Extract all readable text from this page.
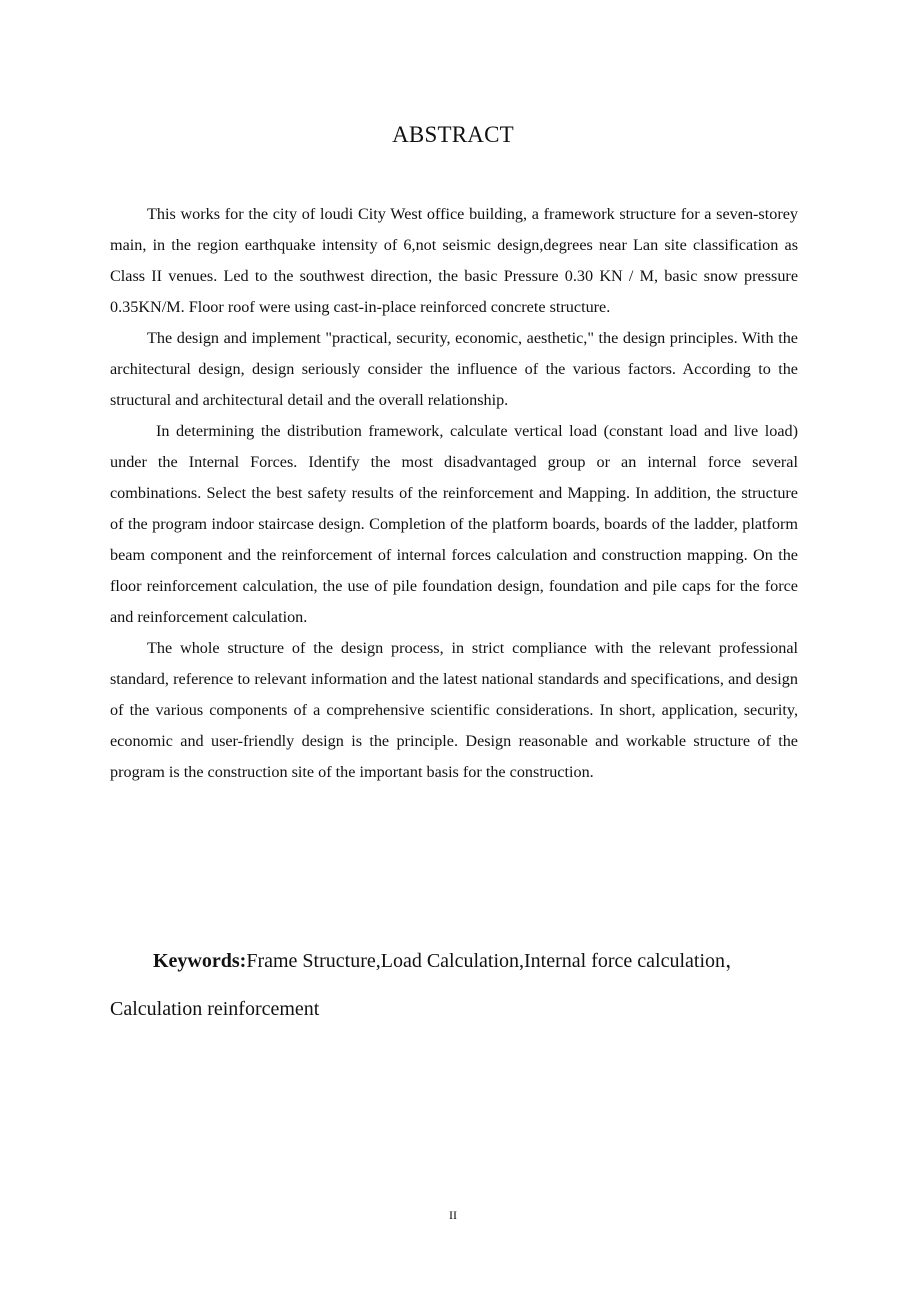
ABSTRACT

This works for the city of loudi City West office building, a framework structure for a seven-storey main, in the region earthquake intensity of 6,not seismic design,degrees near Lan site classification as Class II venues. Led to the southwest direction, the basic Pressure 0.30 KN / M, basic snow pressure 0.35KN/M. Floor roof were using cast-in-place reinforced concrete structure.

The design and implement "practical, security, economic, aesthetic," the design principles. With the architectural design, design seriously consider the influence of the various factors. According to the structural and architectural detail and the overall relationship.

In determining the distribution framework, calculate vertical load (constant load and live load) under the Internal Forces. Identify the most disadvantaged group or an internal force several combinations. Select the best safety results of the reinforcement and Mapping. In addition, the structure of the program indoor staircase design. Completion of the platform boards, boards of the ladder, platform beam component and the reinforcement of internal forces calculation and construction mapping. On the floor reinforcement calculation, the use of pile foundation design, foundation and pile caps for the force and reinforcement calculation.

The whole structure of the design process, in strict compliance with the relevant professional standard, reference to relevant information and the latest national standards and specifications, and design of the various components of a comprehensive scientific considerations. In short, application, security, economic and user-friendly design is the principle. Design reasonable and workable structure of the program is the construction site of the important basis for the construction.

Keywords:Frame Structure,Load Calculation,Internal force calculation，Calculation reinforcement
II
